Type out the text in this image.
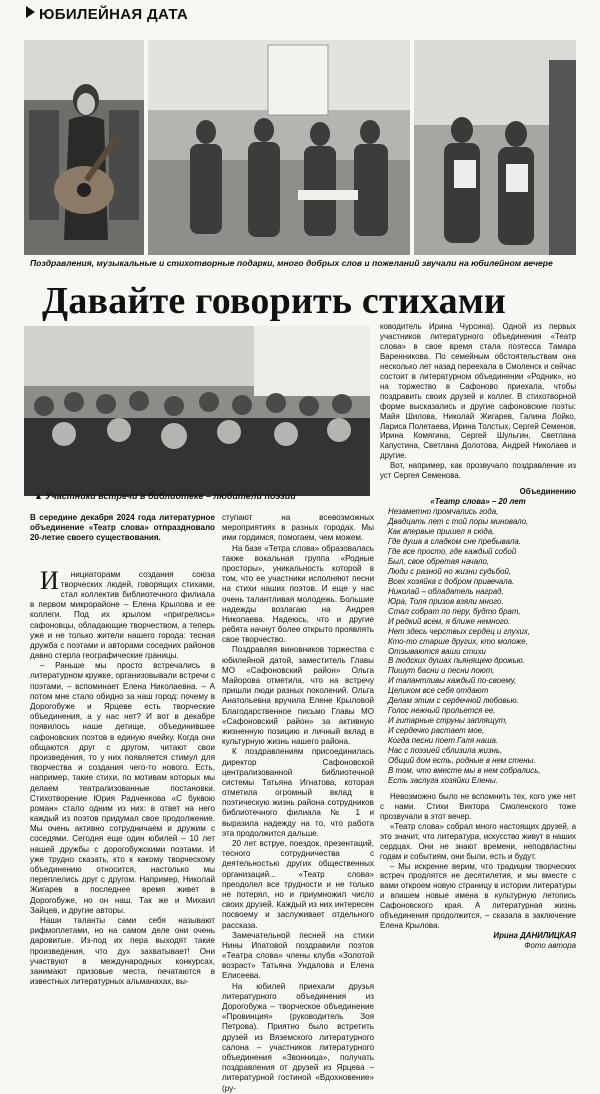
ЮБИЛЕЙНАЯ ДАТА
Поздравления, музыкальные и стихотворные подарки, много добрых слов и пожеланий звучали на юбилейном вечере
Давайте говорить стихами
▲ Участники встречи в библиотеке – любители поэзии

В середине декабря 2024 года литературное объединение «Театр слова» отпраздновало 20-летие своего существования.

И нициаторами создания союза творческих людей, говорящих стихами, стал коллектив библиотечного филиала в первом микрорайоне – Елена Крылова и ее коллеги. Под их крылом «пригрелись» сафоновцы, обладающие творчеством, а теперь уже и не только жители нашего города: тесная дружба с поэтами и авторами соседних районов давно стерла географические границы.

– Раньше мы просто встречались в литературном кружке, организовывали встречи с поэтами, – вспоминает Елена Николаевна. – А потом мне стало обидно за наш город: почему в Дорогобуже и Ярцеве есть творческие объединения, а у нас нет? И вот в декабре появилось наше детище, объединившее сафоновских поэтов в единую ячейку. Когда они общаются друг с другом, читают свои произведения, то у них появляется стимул для творчества и создания чего-то нового. Есть, например, такие стихи, по мотивам которых мы делаем театрализованные постановки. Стихотворение Юрия Радченкова «С буквою роман» стало одним из них: в ответ на него каждый из поэтов придумал свое продолжение. Мы очень активно сотрудничаем и дружим с соседями. Сегодня еще один юбилей – 10 лет нашей дружбы с дорогобужскими поэтами. И уже трудно сказать, кто к какому творческому объединению относится, настолько мы переплелись друг с другом. Например, Николай Жигарев в последнее время живет в Дорогобуже, но он наш. Так же и Михаил Зайцев, и другие авторы.

Наши таланты сами себя называют рифмоплетами, но на самом деле они очень даровитые. Из-под их пера выходят такие произведения, что дух захватывает! Они участвуют в международных конкурсах, занимают призовые места, печатаются в известных литературных альманахах, вы-

ступают на всевозможных мероприятиях в разных городах. Мы ими гордимся, помогаем, чем можем.

На базе «Тетра слова» образовалась также вокальная группа «Родные просторы», уникальность которой в том, что ее участники исполняют песни на стихи наших поэтов. И еще у нас очень талантливая молодежь. Большие надежды возлагаю на Андрея Николаева. Надеюсь, что и другие ребята начнут более открыто проявлять свое творчество.

Поздравляя виновников торжества с юбилейной датой, заместитель Главы МО «Сафоновский район» Ольга Майорова отметила, что на встречу пришли люди разных поколений. Ольга Анатольевна вручила Елене Крыловой Благодарственное письмо Главы МО «Сафоновский район» за активную жизненную позицию и личный вклад в культурную жизнь нашего района.

К поздравлениям присоединилась директор Сафоновской централизованной библиотечной системы Татьяна Игнатова, которая отметила огромный вклад в поэтическую жизнь района сотрудников библиотечного филиала № 1 и выразила надежду на то, что работа эта продолжится дальше.

20 лет вструе, поездок, презентаций, тесного сотрудничества с деятельностью других общественных организаций... «Театр слова» преодолел все трудности и не только не потерял, но и приумножил число своих друзей. Каждый из них интересен посвоему и заслуживает отдельного рассказа.

Замечательной песней на стихи Нины Ипатовой поздравили поэтов «Театра слова» члены клуба «Золотой возраст» Татьяна Ундалова и Елена Елисеева.

На юбилей приехали друзья литературного объединения из Дорогобужа – творческое объединение «Провинция» (руководитель Зоя Петрова). Приятно было встретить друзей из Вяземского литературного салона – участников литературного объединения «Звонница», получать поздравления от друзей из Ярцева – литературной гостиной «Вдохновение» (ру-

ководитель Ирина Чурсина). Одной из первых участников литературного объединения «Театр слова» в свое время стала поэтесса Тамара Варенникова. По семейным обстоятельствам она несколько лет назад переехала в Смоленск и сейчас состоит в литературном объединении «Родник», но на торжество в Сафоново приехала, чтобы поздравить своих друзей и коллег. В стихотворной форме высказались и другие сафоновские поэты: Майя Шилова, Николай Жигарев, Галина Лойко, Лариса Полетаева, Ирина Толстых, Сергей Семенов, Ирина Комягина, Сергей Шульгин, Светлана Капустина, Светлана Долотова, Андрей Николаев и другие.

Вот, например, как прозвучало поздравление из уст Сергея Семенова.

Объединению
«Театр слова» – 20 лет
Незаметно промчались года,
Двадцать лет с той поры миновало,
Как впервые пришел я сюда,
Где душа в сладком сне пребывала.
Где все просто, где каждый собой
Был, свое обретая начало,
Люди с разной но жизни судьбой,
Всех хозяйка с добром привечала.
Николай – обладатель наград,
Юра, Толя призов взяли много.
Стал собрат по перу, будто брат,
И редкий всем, я ближе немного.
Нет здесь черствых сердец и глухих,
Кто-то старше других, кто моложе,
Отзываются ваши стихи
В людских душах пьянящею дрожью.
Пишут басни и песни поют,
И талантливы каждый по-своему,
Целиком все себя отдают
Делам этим с сердечной любовью.
Голос нежный прольется ее,
И гитарные струны заплящут,
И сердечко растает мое,
Когда песни поет Галя наша.
Нас с поэзией сблизила жизнь,
Общий дом есть, родные в нем стены.
В том, что вместе мы в нем собрались,
Есть заслуга хозяйки Елены.

Невозможно было не вспомнить тех, кого уже нет с нами. Стихи Виктора Смоленского тоже прозвучали в этот вечер.

«Театр слова» собрал много настоящих друзей, а это значит, что литература, искусство живут в наших сердцах. Они не знают времени, неподвластны годам и событиям, они были, есть и будут.

– Мы искренне верим, что традиции творческих встреч продлятся не десятилетия, и мы вместе с вами откроем новую страницу в истории литературы и впишем новые имена в культурную летопись Сафоновского края. А литературная жизнь объединения продолжится, – сказала в заключение Елена Крылова.

Ирина ДАНИЛИЦКАЯ
Фото автора
